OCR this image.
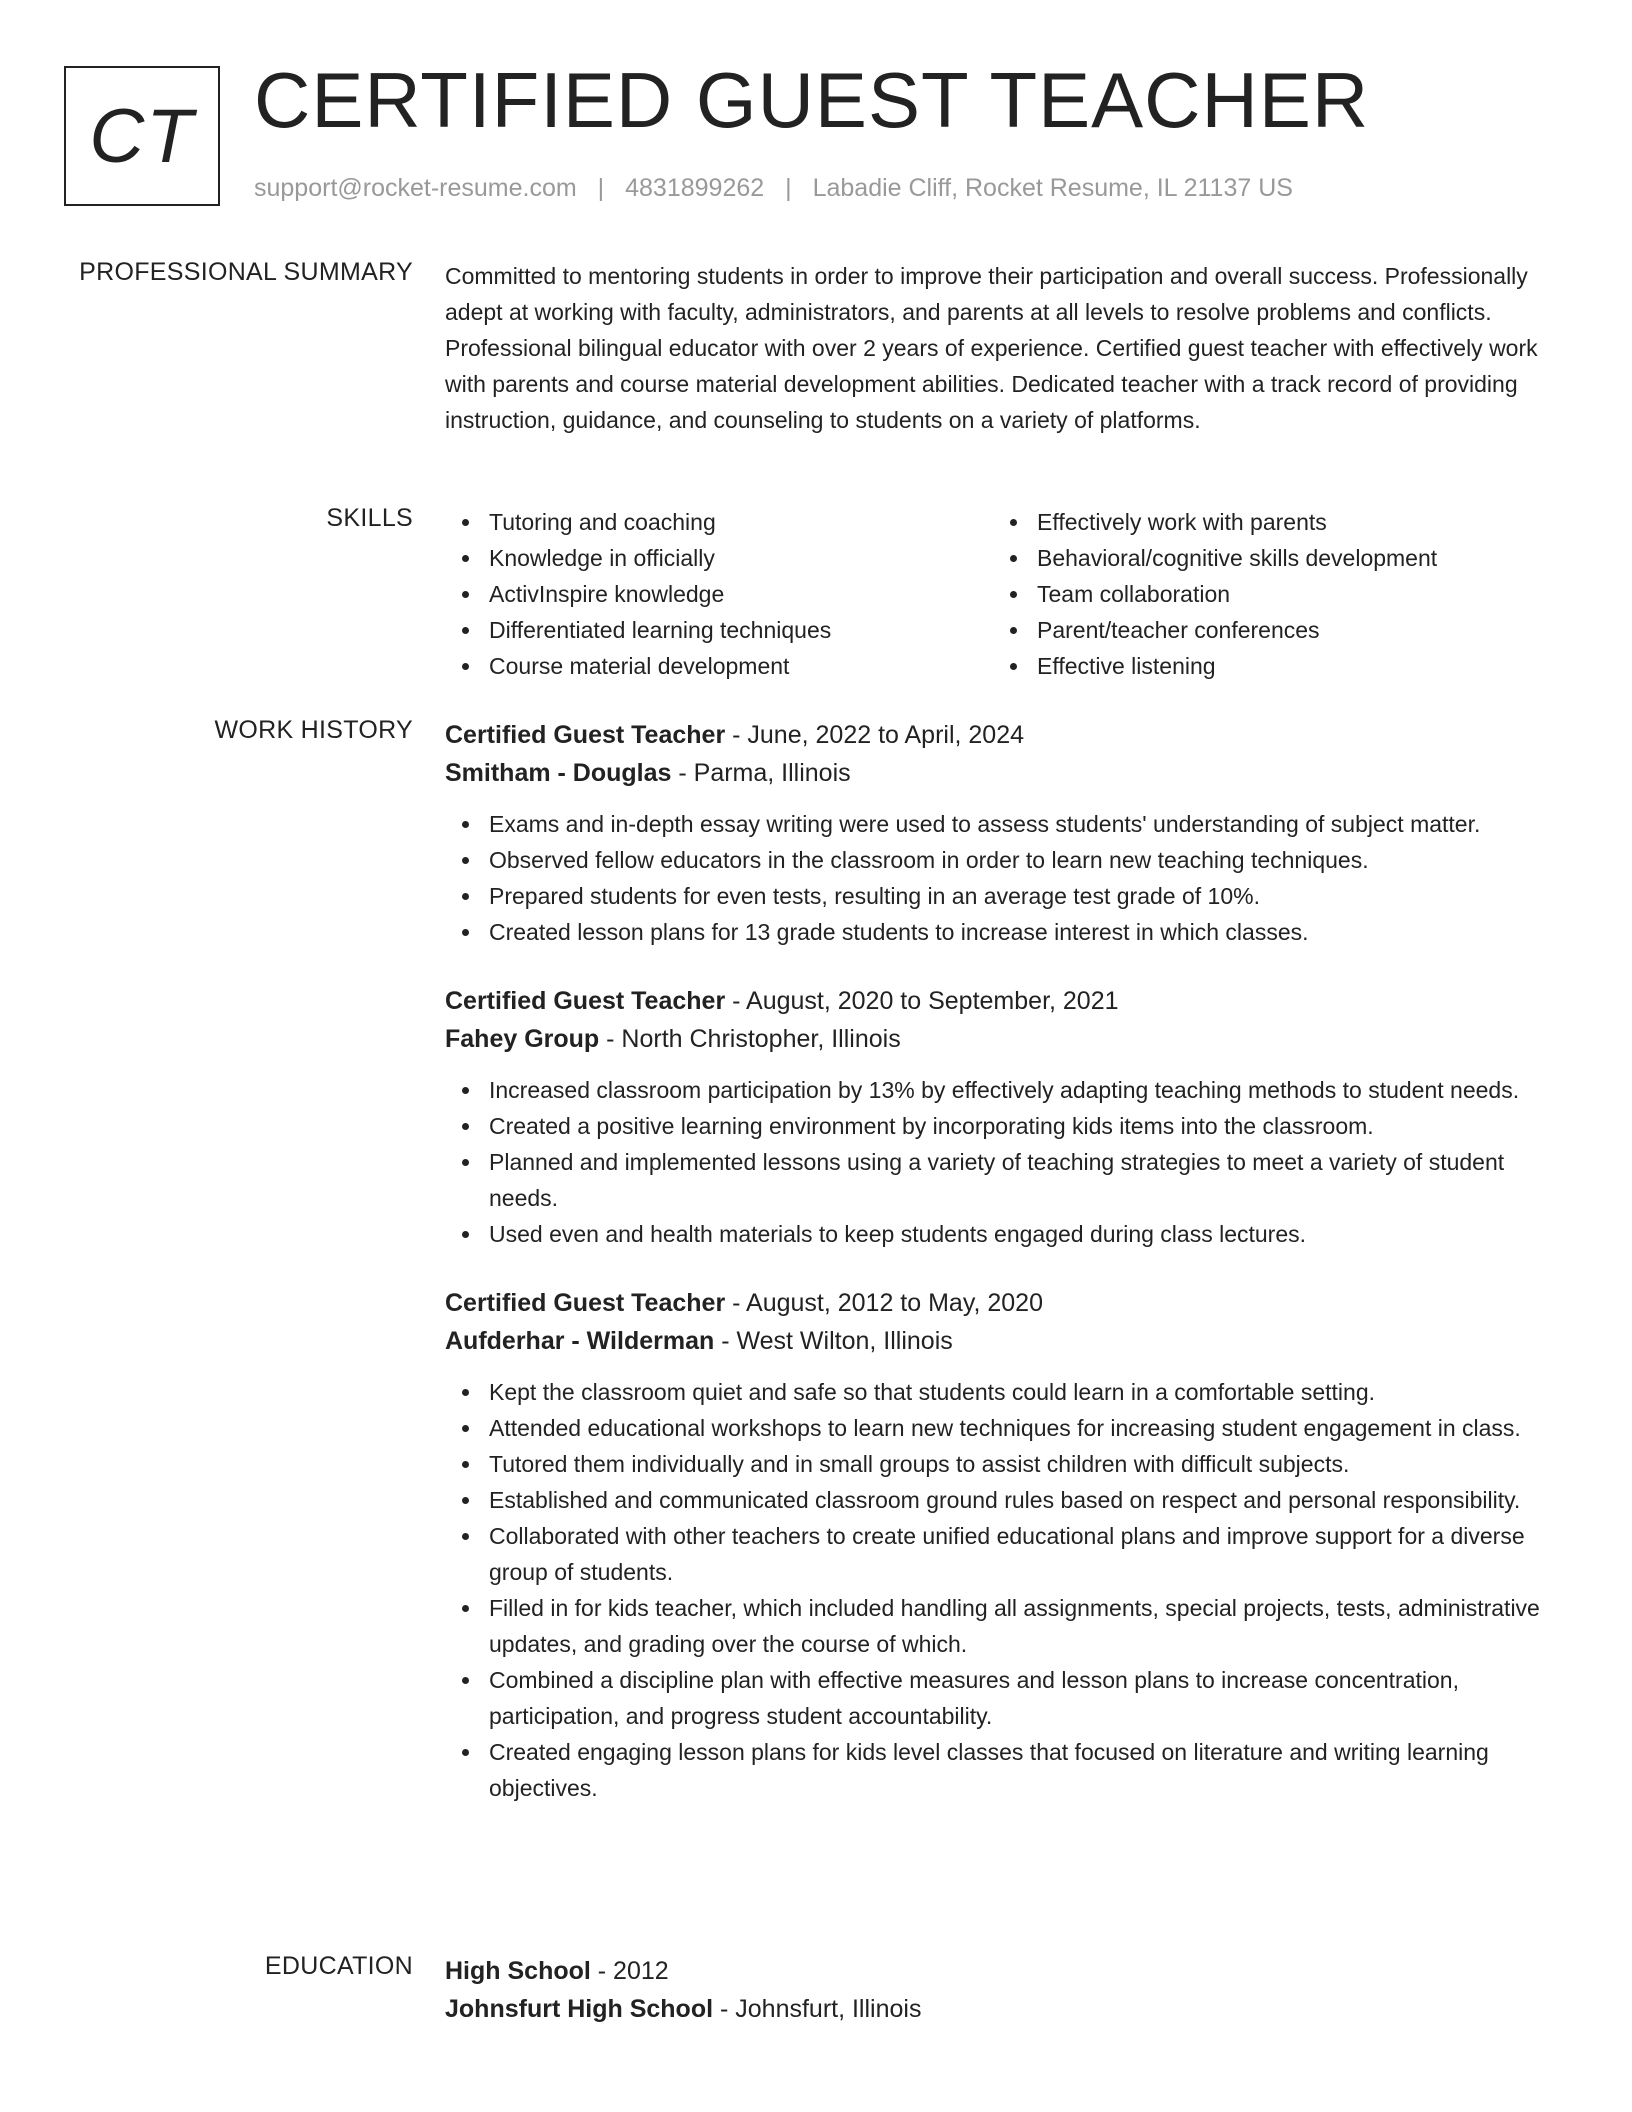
CT CERTIFIED GUEST TEACHER
support@rocket-resume.com | 4831899262 | Labadie Cliff, Rocket Resume, IL 21137 US
PROFESSIONAL SUMMARY Committed to mentoring students in order to improve their participation and overall success. Professionally adept at working with faculty, administrators, and parents at all levels to resolve problems and conflicts. Professional bilingual educator with over 2 years of experience. Certified guest teacher with effectively work with parents and course material development abilities. Dedicated teacher with a track record of providing instruction, guidance, and counseling to students on a variety of platforms.

SKILLS	Tutoring and coaching
Knowledge in officially
ActivInspire knowledge
Differentiated learning techniques
Course material development
Effectively work with parents
Behavioral/cognitive skills development
Team collaboration
Parent/teacher conferences
Effective listening
WORK HISTORY Certified Guest Teacher - June, 2022 to April, 2024
Smitham - Douglas - Parma, Illinois
Exams and in-depth essay writing were used to assess students' understanding of subject matter.
Observed fellow educators in the classroom in order to learn new teaching techniques.
Prepared students for even tests, resulting in an average test grade of 10%.
Created lesson plans for 13 grade students to increase interest in which classes.
Certified Guest Teacher - August, 2020 to September, 2021
Fahey Group - North Christopher, Illinois
Increased classroom participation by 13% by effectively adapting teaching methods to student needs.
Created a positive learning environment by incorporating kids items into the classroom.
Planned and implemented lessons using a variety of teaching strategies to meet a variety of student needs.
Used even and health materials to keep students engaged during class lectures.
Certified Guest Teacher - August, 2012 to May, 2020
Aufderhar - Wilderman - West Wilton, Illinois
Kept the classroom quiet and safe so that students could learn in a comfortable setting.
Attended educational workshops to learn new techniques for increasing student engagement in class.
Tutored them individually and in small groups to assist children with difficult subjects.
Established and communicated classroom ground rules based on respect and personal responsibility.
Collaborated with other teachers to create unified educational plans and improve support for a diverse group of students.
Filled in for kids teacher, which included handling all assignments, special projects, tests, administrative updates, and grading over the course of which.
Combined a discipline plan with effective measures and lesson plans to increase concentration, participation, and progress student accountability.
Created engaging lesson plans for kids level classes that focused on literature and writing learning objectives.
EDUCATION High School - 2012
Johnsfurt High School - Johnsfurt, Illinois
